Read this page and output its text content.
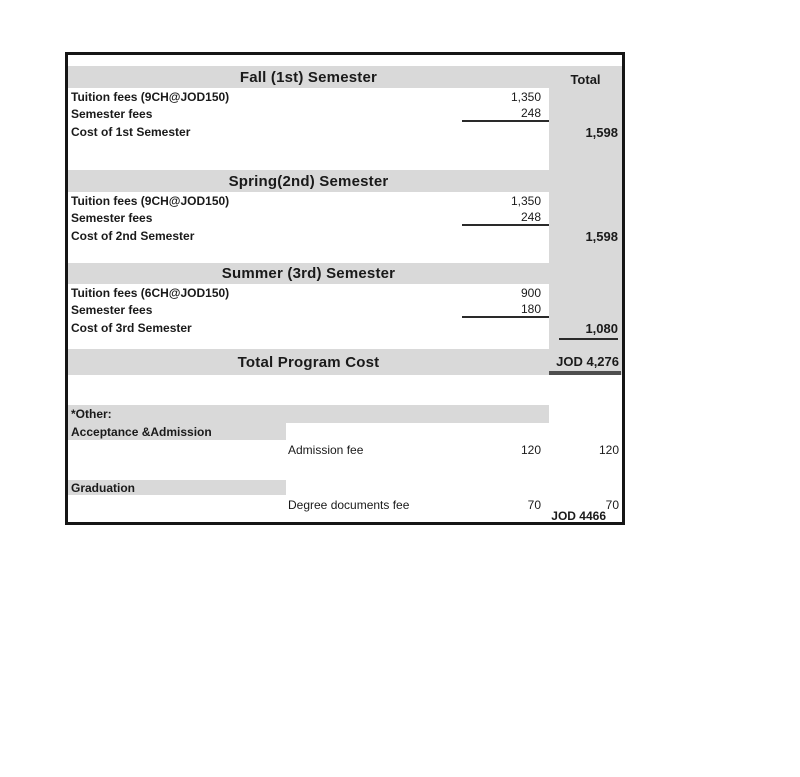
Fall (1st) Semester	Total
Tuition fees (9CH@JOD150)	1,350
Semester fees	248
Cost of 1st Semester	1,598
Spring(2nd) Semester
Tuition fees (9CH@JOD150)	1,350
Semester fees	248
Cost of 2nd Semester	1,598
Summer (3rd) Semester
Tuition fees (6CH@JOD150)	900
Semester fees	180
Cost of 3rd Semester	1,080
Total Program Cost	JOD 4,276
*Other:
Acceptance &Admission
Admission fee	120	120
Graduation
Degree documents fee	70	70
JOD 4466
